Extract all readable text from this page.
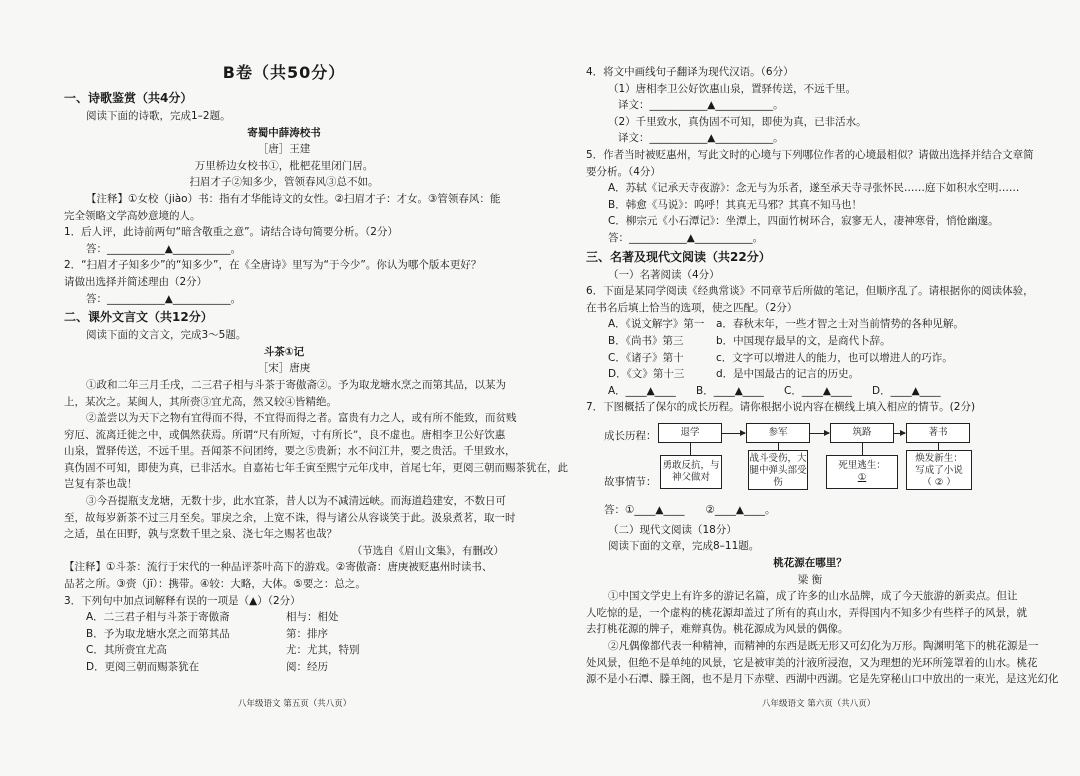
B卷（共50分）
一、诗歌鉴赏（共4分）
阅读下面的诗歌，完成1–2题。
寄蜀中薛涛校书
［唐］王建
万里桥边女校书①，枇杷花里闭门居。
扫眉才子②知多少，管领春风③总不如。
【注释】①女校（jiào）书：指有才华能诗文的女性。②扫眉才子：才女。③管领春风：能
完全领略文学高妙意境的人。
1．后人评，此诗前两句“暗含敬重之意”。请结合诗句简要分析。（2分）
答：___________▲___________。
2．“扫眉才子知多少”的“知多少”，在《全唐诗》里写为“于今少”。你认为哪个版本更好？
请做出选择并简述理由（2分）
答：___________▲___________。
二、课外文言文（共12分）
阅读下面的文言文，完成3～5题。
斗茶①记
［宋］唐庚
①政和二年三月壬戌，二三君子相与斗茶于寄傲斋②。予为取龙塘水烹之而第其品，以某为
上，某次之。某闽人，其所赍③宜尤高，然又较④皆精绝。
②盖尝以为天下之物有宜得而不得，不宜得而得之者。富贵有力之人，或有所不能致，而贫贱
穷厄、流离迁徙之中，或偶然获焉。所谓“尺有所短，寸有所长”，良不虚也。唐相李卫公好饮惠
山泉，置驿传送，不远千里。吾闻茶不问团绔，要之⑤贵新；水不问江井，要之贵活。千里致水，
真伪固不可知，即使为真，已非活水。自嘉祐七年壬寅至熙宁元年戊申，首尾七年，更阅三朝而赐茶犹在，此
岂复有茶也哉！
③今吾提瓶支龙塘，无数十步，此水宜茶，昔人以为不减清远峡。而海道趋建安，不数日可
至，故每岁新茶不过三月至矣。罪戾之余，上宽不诛，得与诸公从容谈笑于此。汲泉煮茗，取一时
之适，虽在田野，孰与烹数千里之泉、浇七年之赐茗也哉？
（节选自《眉山文集》，有删改）
【注释】①斗茶：流行于宋代的一种品评茶叶高下的游戏。②寄傲斋：唐庚被贬惠州时读书、
品茗之所。③赍（jī）：携带。④较：大略，大体。⑤要之：总之。
3．下列句中加点词解释有误的一项是（▲）（2分）
A．二三君子相与斗茶于寄傲斋	相与：相处
B．予为取龙塘水烹之而第其品	第：排序
C．其所赍宜尤高	尤：尤其，特别
D．更阅三朝而赐茶犹在	阅：经历
八年级语文 第五页（共八页）
4．将文中画线句子翻译为现代汉语。（6分）
（1）唐相李卫公好饮惠山泉，置驿传送，不远千里。
译文：___________▲___________。
（2）千里致水，真伪固不可知，即使为真，已非活水。
译文：___________▲___________。
5．作者当时被贬惠州，写此文时的心境与下列哪位作者的心境最相似？请做出选择并结合文章简
要分析。（4分）
A．苏轼《记承天寺夜游》：念无与为乐者，遂至承天寺寻张怀民……庭下如积水空明……
B．韩愈《马说》：呜呼！其真无马邪？其真不知马也！
C．柳宗元《小石潭记》：坐潭上，四面竹树环合，寂寥无人，凄神寒骨，悄怆幽邃。
答：___________▲___________。
三、名著及现代文阅读（共22分）
（一）名著阅读（4分）
6．下面是某同学阅读《经典常谈》不同章节后所做的笔记，但顺序乱了。请根据你的阅读体验，
在书名后填上恰当的选项，使之匹配。（2分）
A．《说文解字》第一 a．春秋末年，一些才智之士对当前情势的各种见解。
B．《尚书》第三	b．中国现存最早的文，是商代卜辞。
C．《诸子》第十	c．文字可以增进人的能力，也可以增进人的巧诈。
D．《文》第十三	d．是中国最古的记言的历史。
A．____▲____ B．____▲____ C．____▲____ D．____▲____
7．下图概括了保尔的成长历程。请你根据小说内容在横线上填入相应的情节。(2分)
成长历程：
故事情节：
退学	参军	筑路	著书
勇敢反抗，与神父做对
战斗受伤，大腿中弹头部受伤
死里逃生：
①
焕发新生：
写成了小说
（ ② ）
答：①____▲____　　②____▲____。
（二）现代文阅读（18分）
阅读下面的文章，完成8–11题。
桃花源在哪里？
梁 衡
①中国文学史上有许多的游记名篇，成了许多的山水品牌，成了今天旅游的新卖点。但让
人吃惊的是，一个虚构的桃花源却盖过了所有的真山水，弄得国内不知多少有些样子的风景，就
去打桃花源的牌子，难辩真伪。桃花源成为风景的偶像。
②凡偶像都代表一种精神，而精神的东西是既无形又可幻化为万形。陶渊明笔下的桃花源是一
处风景，但绝不是单纯的风景，它是被审美的汁液所浸泡，又为理想的光环所笼罩着的山水。桃花
源不是小石潭、滕王阁，也不是月下赤壁、西湖中西湖。它是先穿秘山口中放出的一束光，是这光幻化
八年级语文 第六页（共八页）
